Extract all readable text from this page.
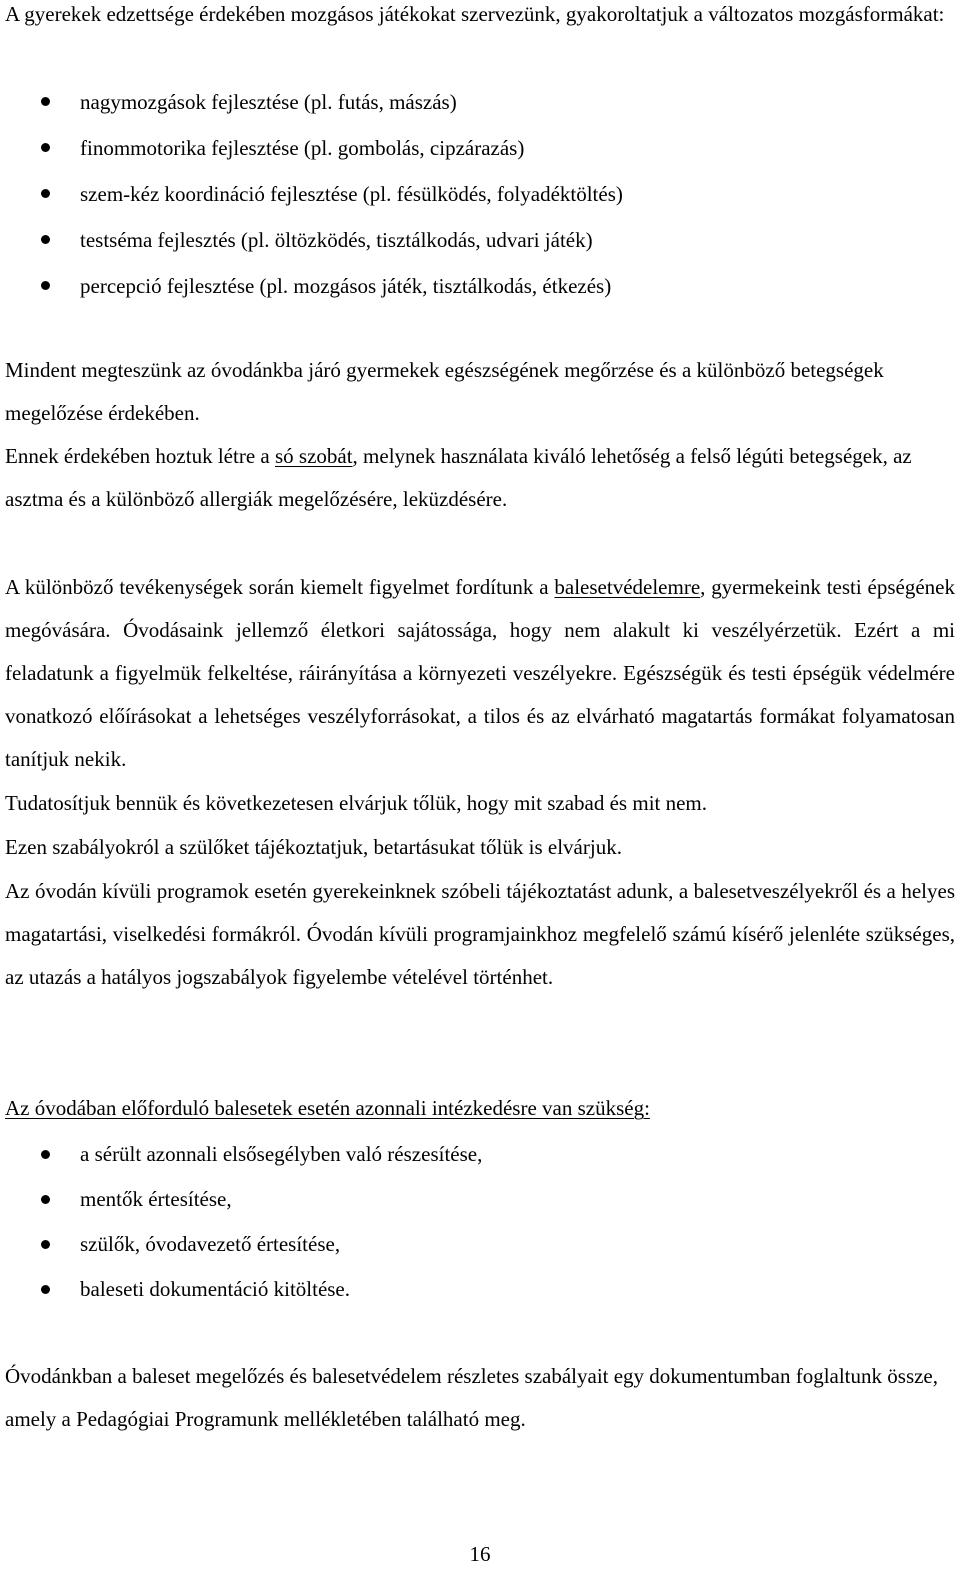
A gyerekek edzettsége érdekében mozgásos játékokat szervezünk, gyakoroltatjuk a változatos mozgásformákat:

nagymozgások fejlesztése (pl. futás, mászás)
finommotorika fejlesztése (pl. gombolás, cipzárazás)
szem-kéz koordináció fejlesztése (pl. fésülködés, folyadéktöltés)
testséma fejlesztés (pl. öltözködés, tisztálkodás, udvari játék)
percepció fejlesztése (pl. mozgásos játék, tisztálkodás, étkezés)

Mindent megteszünk az óvodánkba járó gyermekek egészségének megőrzése és a különböző betegségek megelőzése érdekében.

Ennek érdekében hoztuk létre a só szobát, melynek használata kiváló lehetőség a felső légúti betegségek, az asztma és a különböző allergiák megelőzésére, leküzdésére.

A különböző tevékenységek során kiemelt figyelmet fordítunk a balesetvédelemre, gyermekeink testi épségének megóvására. Óvodásaink jellemző életkori sajátossága, hogy nem alakult ki veszélyérzetük. Ezért a mi feladatunk a figyelmük felkeltése, ráirányítása a környezeti veszélyekre. Egészségük és testi épségük védelmére vonatkozó előírásokat a lehetséges veszélyforrásokat, a tilos és az elvárható magatartás formákat folyamatosan tanítjuk nekik.

Tudatosítjuk bennük és következetesen elvárjuk tőlük, hogy mit szabad és mit nem.

Ezen szabályokról a szülőket tájékoztatjuk, betartásukat tőlük is elvárjuk.

Az óvodán kívüli programok esetén gyerekeinknek szóbeli tájékoztatást adunk, a balesetveszélyekről és a helyes magatartási, viselkedési formákról. Óvodán kívüli programjainkhoz megfelelő számú kísérő jelenléte szükséges, az utazás a hatályos jogszabályok figyelembe vételével történhet.

Az óvodában előforduló balesetek esetén azonnali intézkedésre van szükség:

a sérült azonnali elsősegélyben való részesítése,
mentők értesítése,
szülők, óvodavezető értesítése,
baleseti dokumentáció kitöltése.

Óvodánkban a baleset megelőzés és balesetvédelem részletes szabályait egy dokumentumban foglaltunk össze, amely a Pedagógiai Programunk mellékletében található meg.

16
